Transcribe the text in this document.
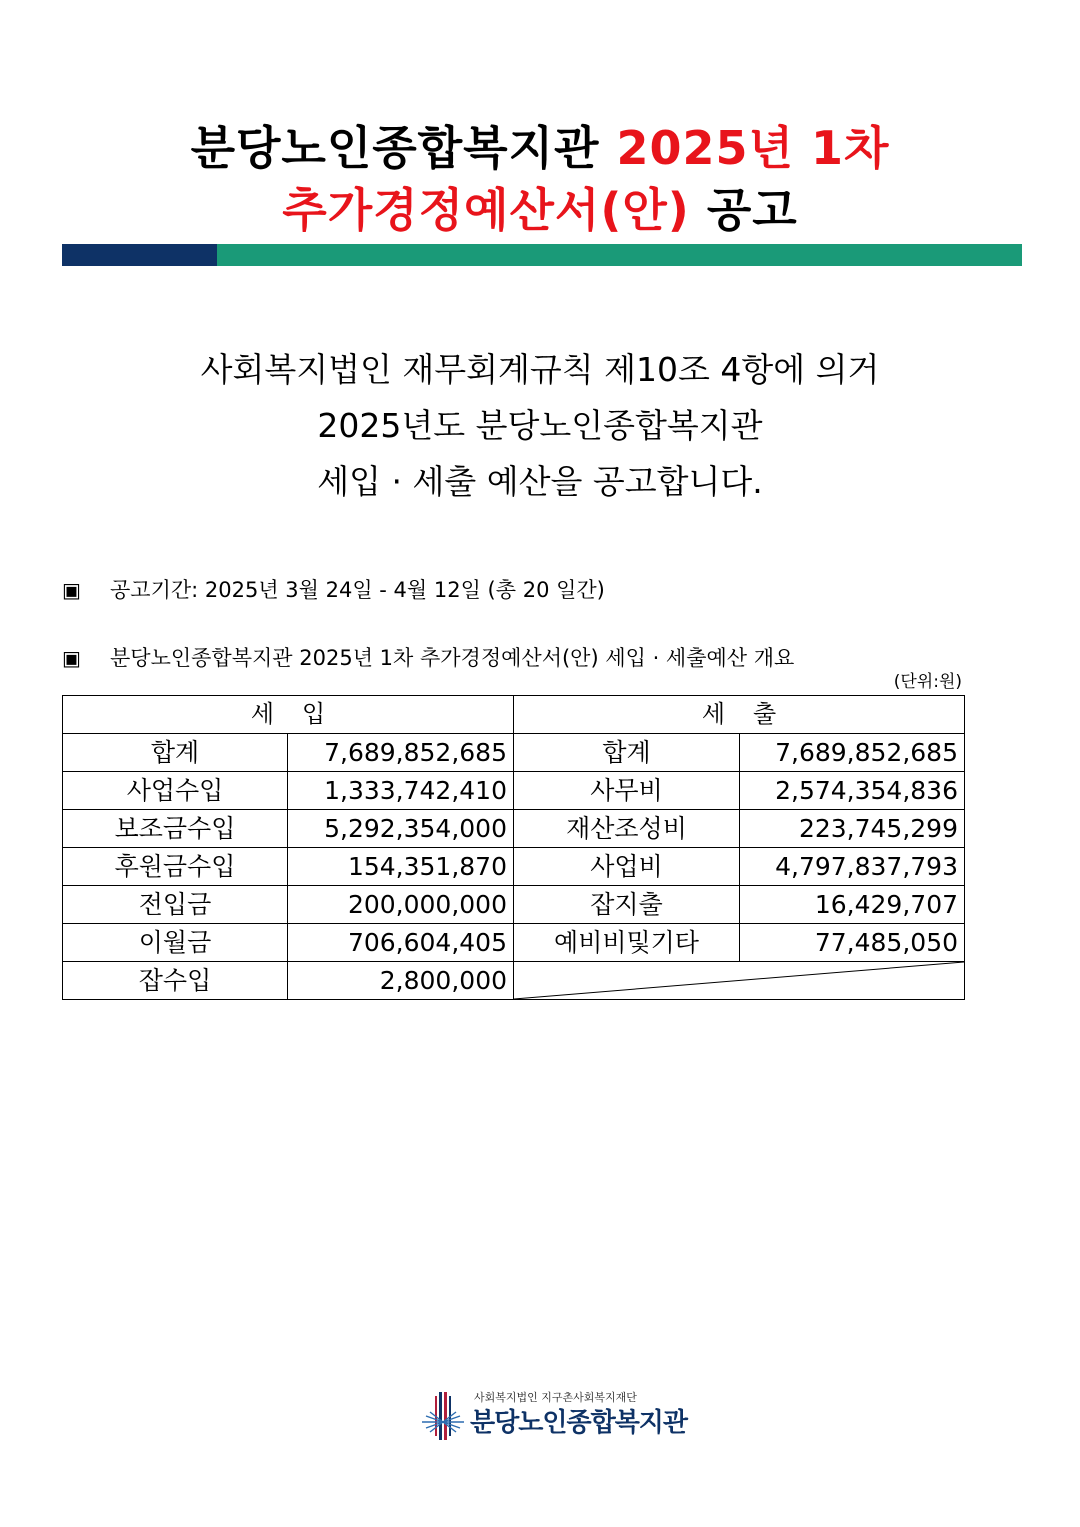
분당노인종합복지관 2025년 1차
추가경정예산서(안) 공고
사회복지법인 재무회계규칙 제10조 4항에 의거
2025년도 분당노인종합복지관
세입 · 세출 예산을 공고합니다.
▣ 공고기간: 2025년 3월 24일 - 4월 12일 (총 20 일간)
▣ 분당노인종합복지관 2025년 1차 추가경정예산서(안) 세입 · 세출예산 개요
(단위:원)
세입		세출	
합계	7,689,852,685	합계	7,689,852,685
사업수입	1,333,742,410	사무비	2,574,354,836
보조금수입	5,292,354,000	재산조성비	223,745,299
후원금수입	154,351,870	사업비	4,797,837,793
전입금	200,000,000	잡지출	16,429,707
이월금	706,604,405	예비비및기타	77,485,050
잡수입	2,800,000	
사회복지법인 지구촌사회복지재단
분당노인종합복지관
